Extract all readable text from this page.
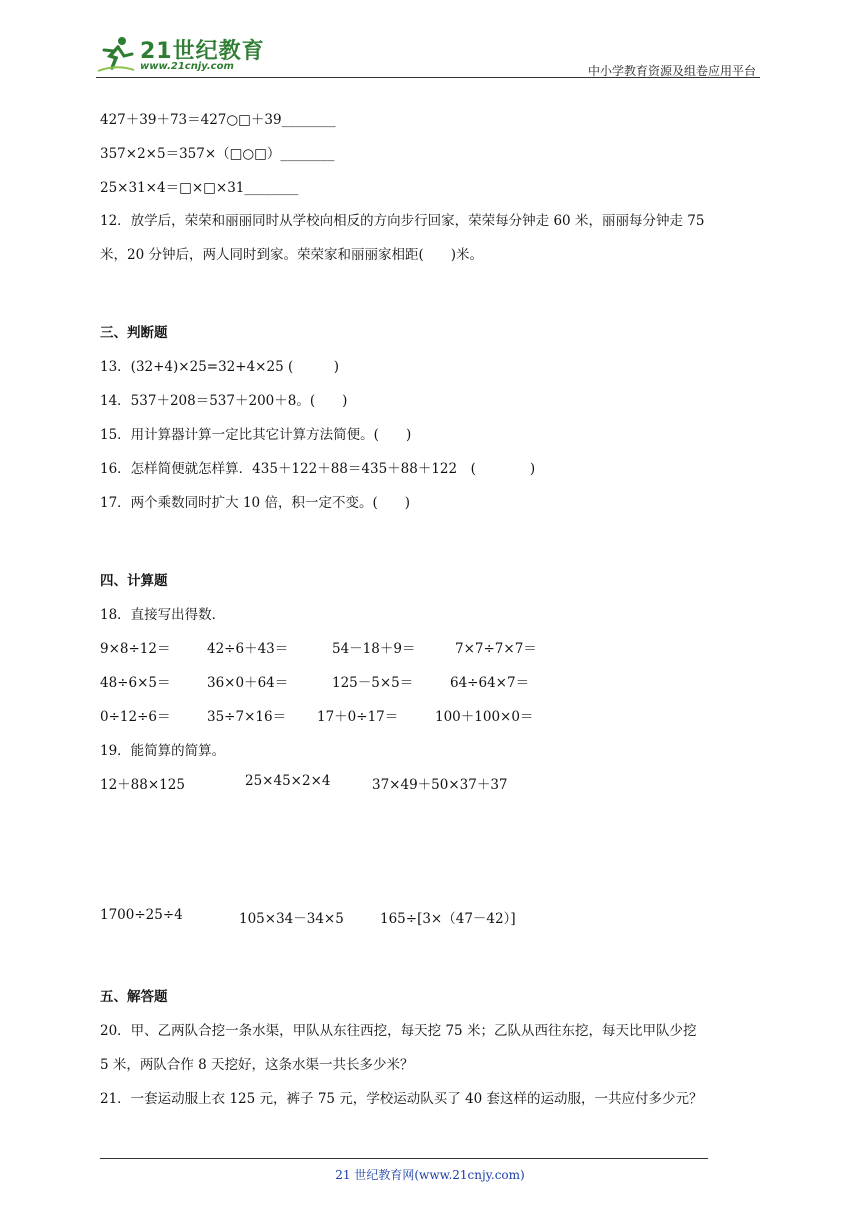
21世纪教育
www.21cnjy.com	中小学教育资源及组卷应用平台
427＋39＋73＝427○□＋39________
357×2×5＝357×（□○□）________
25×31×4＝□×□×31________
12．放学后，荣荣和丽丽同时从学校向相反的方向步行回家，荣荣每分钟走 60 米，丽丽每分钟走 75
米，20 分钟后，两人同时到家。荣荣家和丽丽家相距(　　)米。
三、判断题
13．(32+4)×25=32+4×25 (　　　)
14．537＋208＝537＋200＋8。(　　)
15．用计算器计算一定比其它计算方法简便。(　　)
16．怎样简便就怎样算．435＋122＋88＝435＋88＋122　(　　　　)
17．两个乘数同时扩大 10 倍，积一定不变。(　　)
四、计算题
18．直接写出得数．
9×8÷12＝	42÷6＋43＝	54－18＋9＝	7×7÷7×7＝
48÷6×5＝	36×0＋64＝	125－5×5＝	64÷64×7＝
0÷12÷6＝	35÷7×16＝ 17＋0÷17＝	100＋100×0＝
19．能简算的简算。
12＋88×125	25×45×2×4	37×49＋50×37＋37
1700÷25÷4	105×34－34×5	165÷[3×（47－42）]
五、解答题
20．甲、乙两队合挖一条水渠，甲队从东往西挖，每天挖 75 米；乙队从西往东挖，每天比甲队少挖
5 米，两队合作 8 天挖好，这条水渠一共长多少米？
21．一套运动服上衣 125 元，裤子 75 元，学校运动队买了 40 套这样的运动服，一共应付多少元？
21 世纪教育网(www.21cnjy.com)
